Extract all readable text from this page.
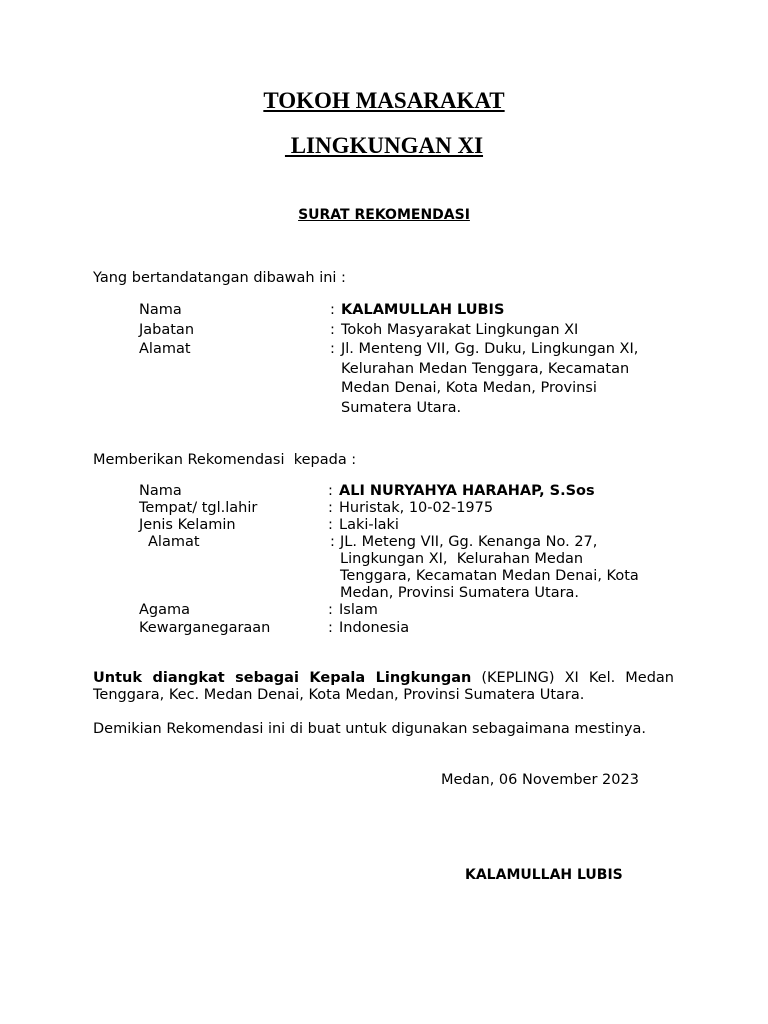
TOKOH MASARAKAT
LINGKUNGAN XI
SURAT REKOMENDASI
Yang bertandatangan dibawah ini :
Nama	: KALAMULLAH LUBIS
Jabatan	: Tokoh Masyarakat Lingkungan XI
Alamat	: Jl. Menteng VII, Gg. Duku, Lingkungan XI,
Kelurahan Medan Tenggara, Kecamatan
Medan Denai, Kota Medan, Provinsi
Sumatera Utara.
Memberikan Rekomendasi  kepada :
Nama	: ALI NURYAHYA HARAHAP, S.Sos
Tempat/ tgl.lahir	: Huristak, 10-02-1975
Jenis Kelamin	: Laki-laki
Alamat	: JL. Meteng VII, Gg. Kenanga No. 27,
Lingkungan XI,  Kelurahan Medan
Tenggara, Kecamatan Medan Denai, Kota
Medan, Provinsi Sumatera Utara.
Agama	: Islam
Kewarganegaraan	: Indonesia
Untuk diangkat sebagai Kepala Lingkungan (KEPLING) XI Kel. Medan Tenggara, Kec. Medan Denai, Kota Medan, Provinsi Sumatera Utara.
Demikian Rekomendasi ini di buat untuk digunakan sebagaimana mestinya.
Medan, 06 November 2023
KALAMULLAH LUBIS
